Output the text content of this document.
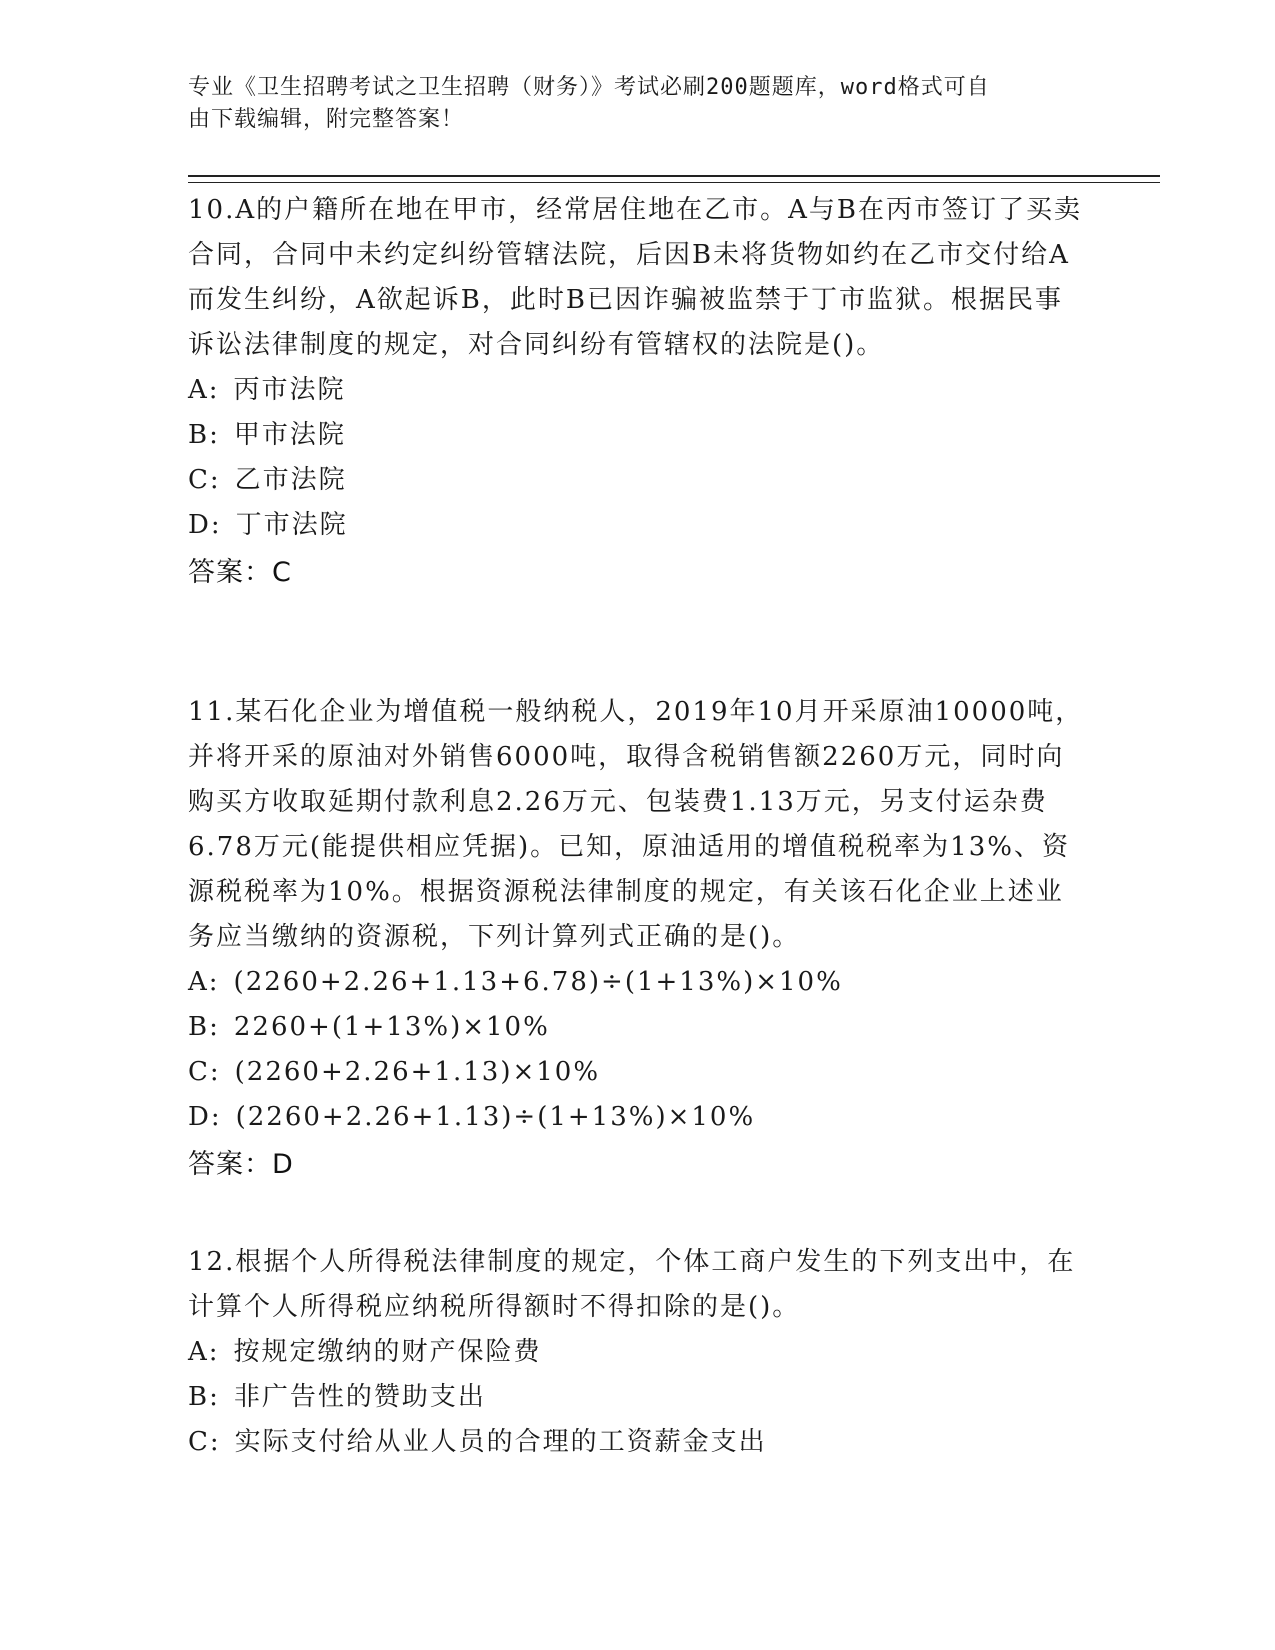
专业《卫生招聘考试之卫生招聘（财务）》考试必刷200题题库，word格式可自
由下载编辑，附完整答案！
10.A的户籍所在地在甲市，经常居住地在乙市。A与B在丙市签订了买卖合同，合同中未约定纠纷管辖法院，后因B未将货物如约在乙市交付给A而发生纠纷，A欲起诉B，此时B已因诈骗被监禁于丁市监狱。根据民事诉讼法律制度的规定，对合同纠纷有管辖权的法院是()。
A: 丙市法院
B: 甲市法院
C: 乙市法院
D: 丁市法院
答案：C
11.某石化企业为增值税一般纳税人，2019年10月开采原油10000吨，并将开采的原油对外销售6000吨，取得含税销售额2260万元，同时向购买方收取延期付款利息2.26万元、包装费1.13万元，另支付运杂费6.78万元(能提供相应凭据)。已知，原油适用的增值税税率为13%、资源税税率为10%。根据资源税法律制度的规定，有关该石化企业上述业务应当缴纳的资源税，下列计算列式正确的是()。
A: (2260+2.26+1.13+6.78)÷(1+13%)×10%
B: 2260+(1+13%)×10%
C: (2260+2.26+1.13)×10%
D: (2260+2.26+1.13)÷(1+13%)×10%
答案：D
12.根据个人所得税法律制度的规定，个体工商户发生的下列支出中，在计算个人所得税应纳税所得额时不得扣除的是()。
A: 按规定缴纳的财产保险费
B: 非广告性的赞助支出
C: 实际支付给从业人员的合理的工资薪金支出
